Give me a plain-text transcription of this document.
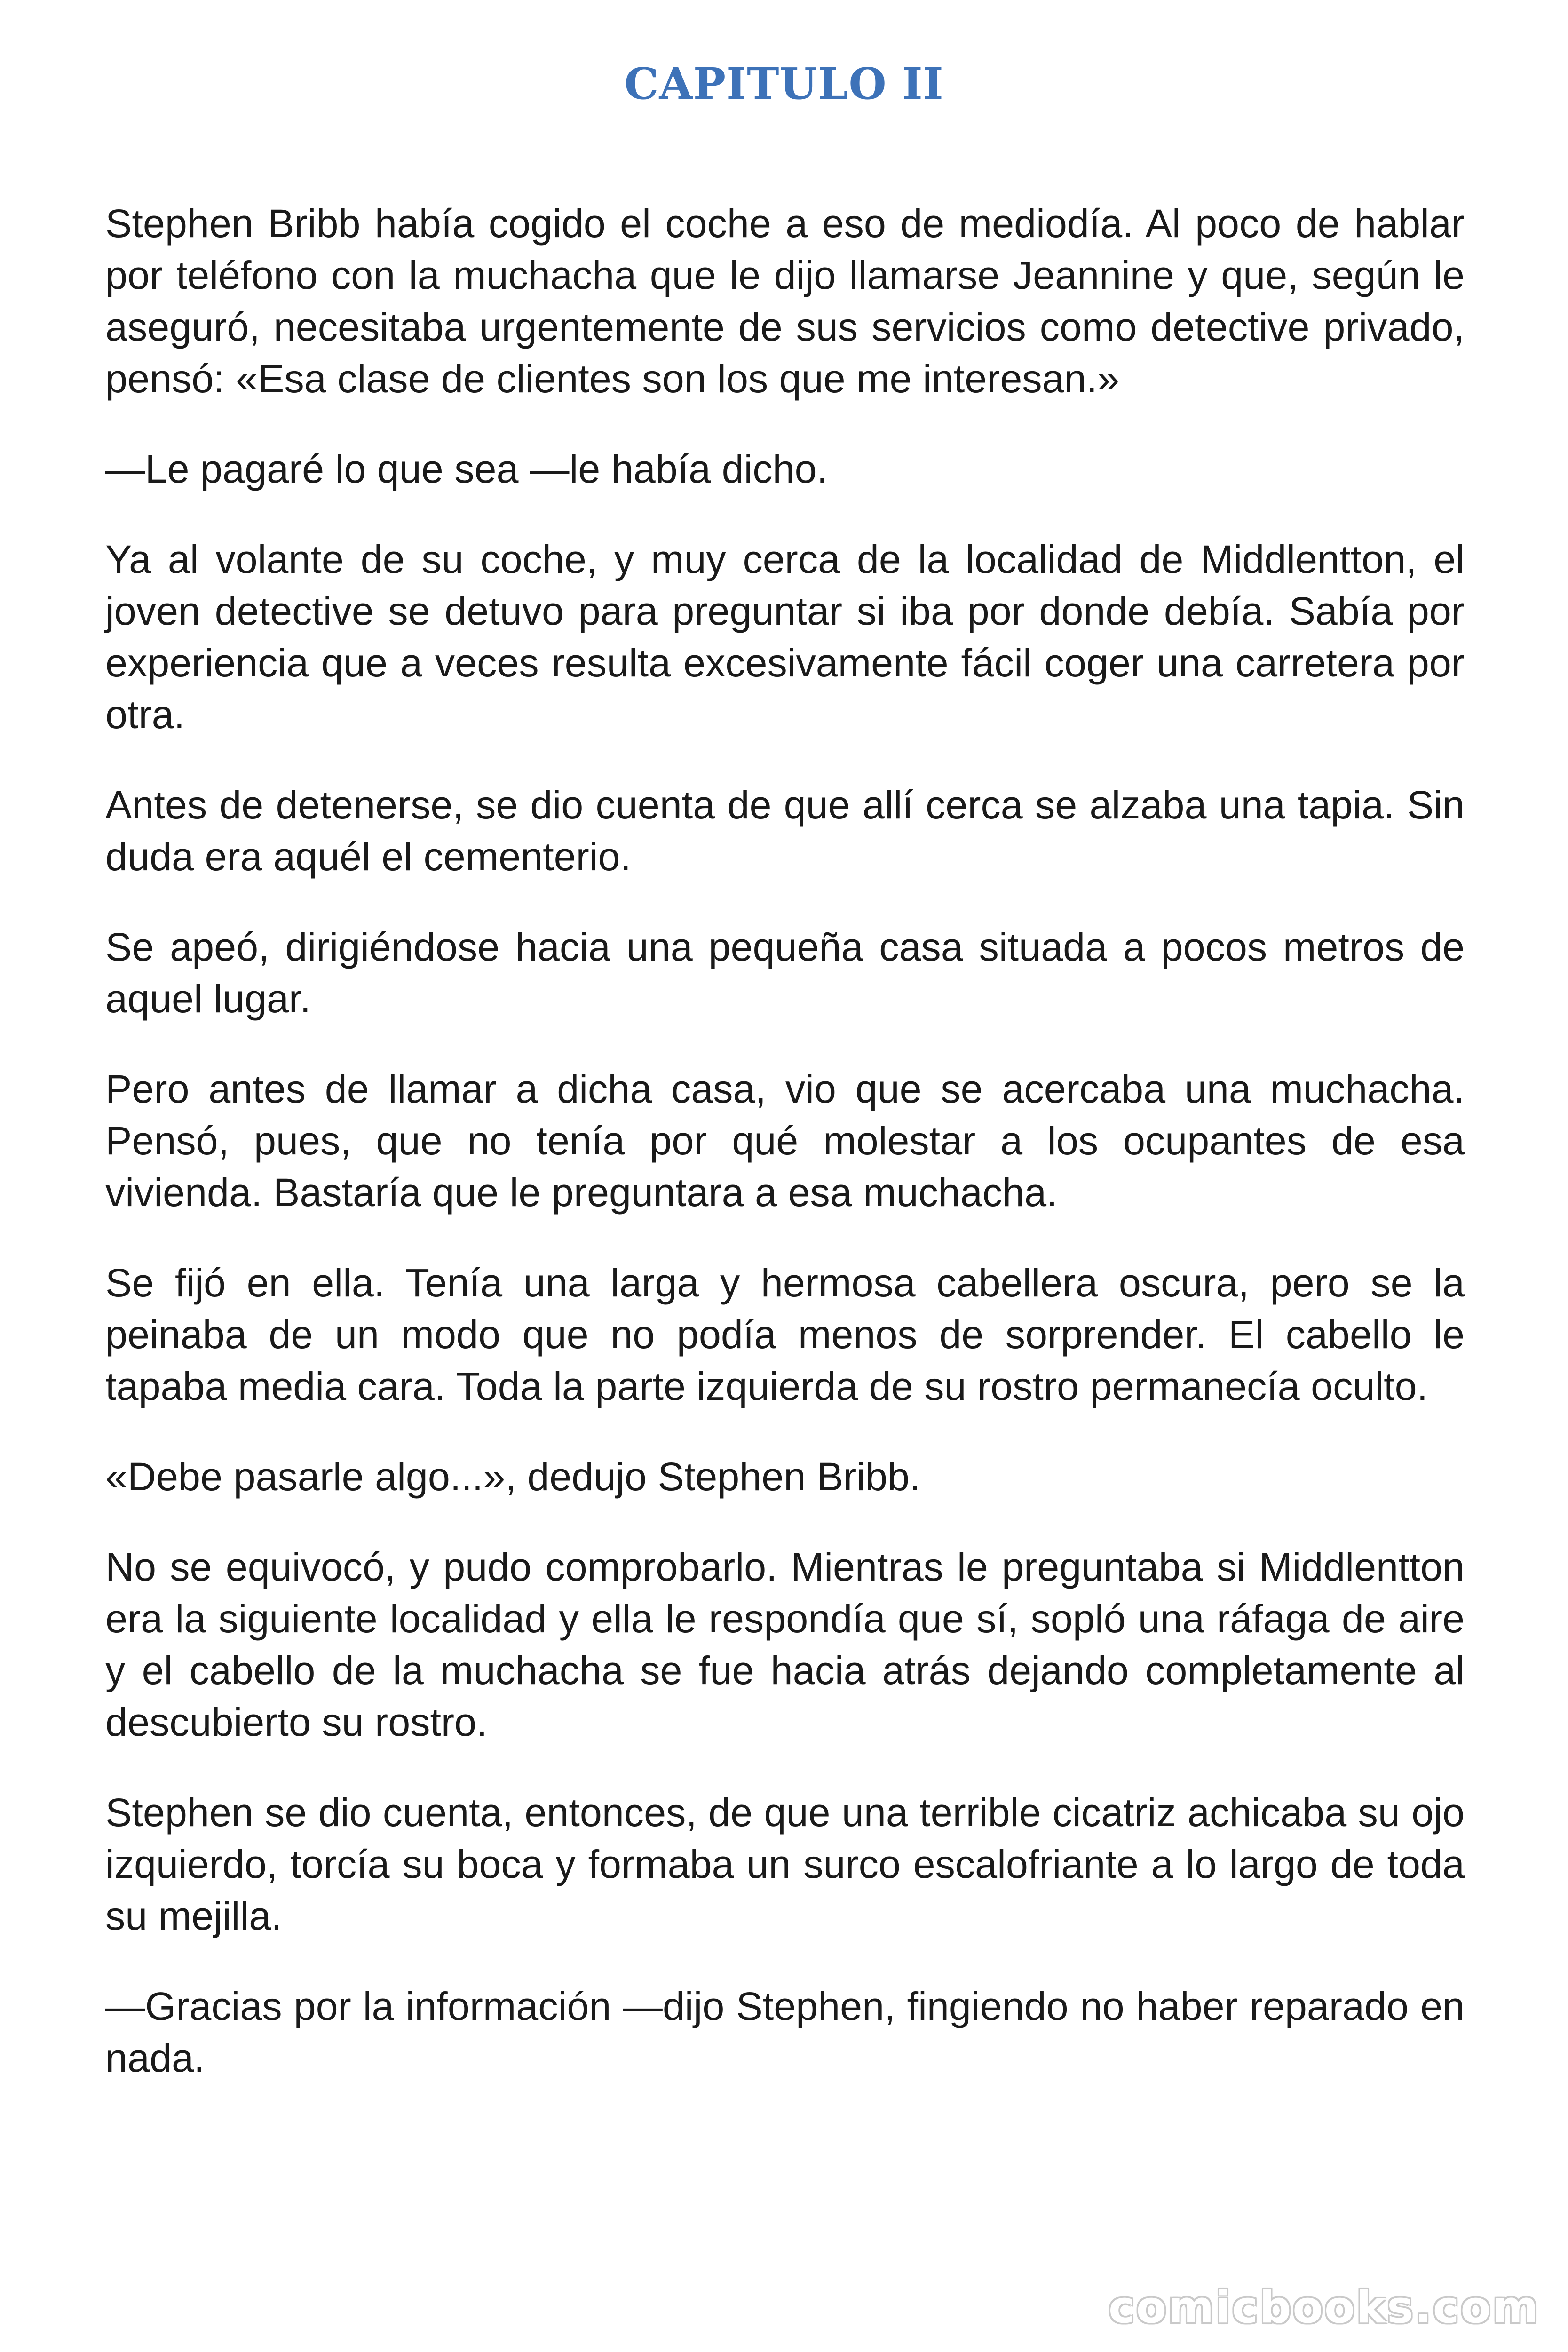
CAPITULO II

Stephen Bribb había cogido el coche a eso de mediodía. Al poco de hablar por teléfono con la muchacha que le dijo llamarse Jeannine y que, según le aseguró, necesitaba urgentemente de sus servicios como detective privado, pensó: «Esa clase de clientes son los que me interesan.»

—Le pagaré lo que sea —le había dicho.

Ya al volante de su coche, y muy cerca de la localidad de Middlentton, el joven detective se detuvo para preguntar si iba por donde debía. Sabía por experiencia que a veces resulta excesivamente fácil coger una carretera por otra.

Antes de detenerse, se dio cuenta de que allí cerca se alzaba una tapia. Sin duda era aquél el cementerio.

Se apeó, dirigiéndose hacia una pequeña casa situada a pocos metros de aquel lugar.

Pero antes de llamar a dicha casa, vio que se acercaba una muchacha. Pensó, pues, que no tenía por qué molestar a los ocupantes de esa vivienda. Bastaría que le preguntara a esa muchacha.

Se fijó en ella. Tenía una larga y hermosa cabellera oscura, pero se la peinaba de un modo que no podía menos de sorprender. El cabello le tapaba media cara. Toda la parte izquierda de su rostro permanecía oculto.

«Debe pasarle algo...», dedujo Stephen Bribb.

No se equivocó, y pudo comprobarlo. Mientras le preguntaba si Middlentton era la siguiente localidad y ella le respondía que sí, sopló una ráfaga de aire y el cabello de la muchacha se fue hacia atrás dejando completamente al descubierto su rostro.

Stephen se dio cuenta, entonces, de que una terrible cicatriz achicaba su ojo izquierdo, torcía su boca y formaba un surco escalofriante a lo largo de toda su mejilla.

—Gracias por la información —dijo Stephen, fingiendo no haber reparado en nada.

comicbooks.com
